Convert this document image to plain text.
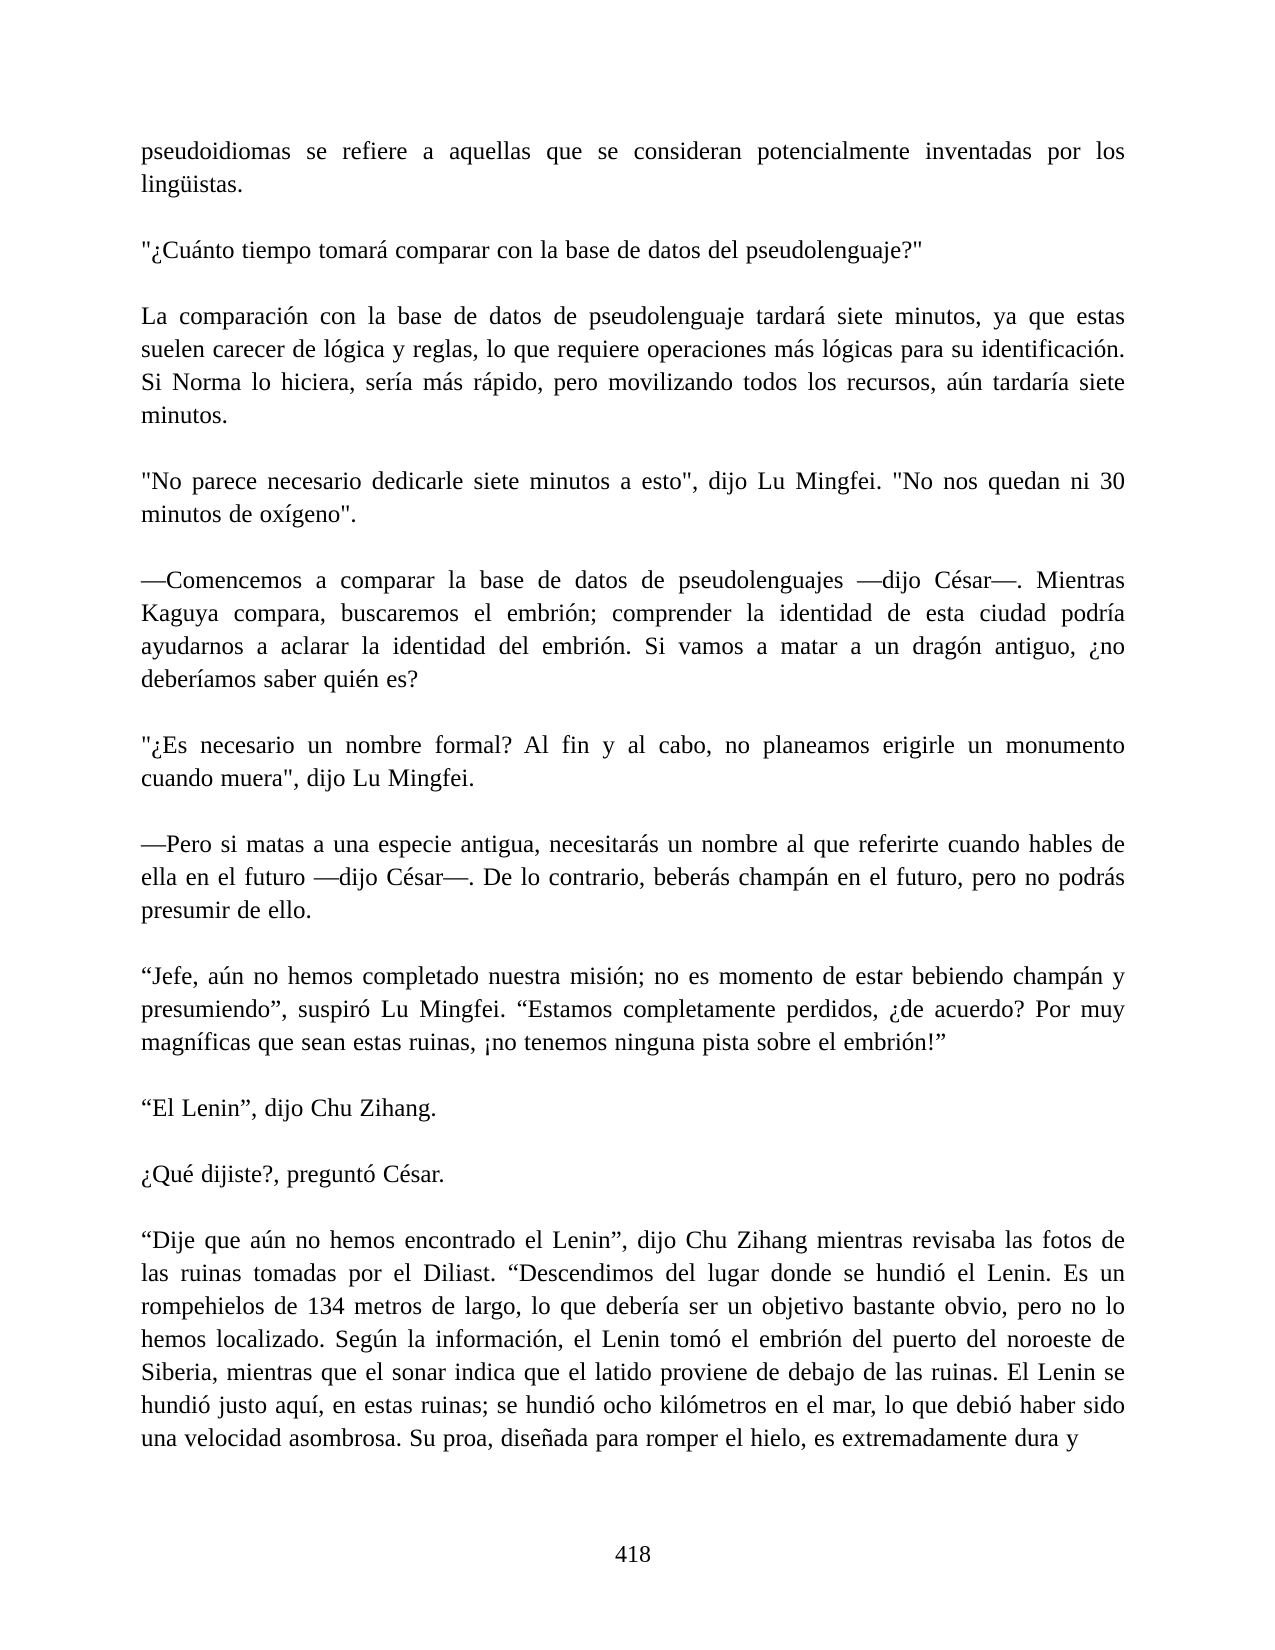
pseudoidiomas se refiere a aquellas que se consideran potencialmente inventadas por los lingüistas.

"¿Cuánto tiempo tomará comparar con la base de datos del pseudolenguaje?"

La comparación con la base de datos de pseudolenguaje tardará siete minutos, ya que estas suelen carecer de lógica y reglas, lo que requiere operaciones más lógicas para su identificación. Si Norma lo hiciera, sería más rápido, pero movilizando todos los recursos, aún tardaría siete minutos.

"No parece necesario dedicarle siete minutos a esto", dijo Lu Mingfei. "No nos quedan ni 30 minutos de oxígeno".

—Comencemos a comparar la base de datos de pseudolenguajes —dijo César—. Mientras Kaguya compara, buscaremos el embrión; comprender la identidad de esta ciudad podría ayudarnos a aclarar la identidad del embrión. Si vamos a matar a un dragón antiguo, ¿no deberíamos saber quién es?

"¿Es necesario un nombre formal? Al fin y al cabo, no planeamos erigirle un monumento cuando muera", dijo Lu Mingfei.

—Pero si matas a una especie antigua, necesitarás un nombre al que referirte cuando hables de ella en el futuro —dijo César—. De lo contrario, beberás champán en el futuro, pero no podrás presumir de ello.

“Jefe, aún no hemos completado nuestra misión; no es momento de estar bebiendo champán y presumiendo”, suspiró Lu Mingfei. “Estamos completamente perdidos, ¿de acuerdo? Por muy magníficas que sean estas ruinas, ¡no tenemos ninguna pista sobre el embrión!”

“El Lenin”, dijo Chu Zihang.

¿Qué dijiste?, preguntó César.

“Dije que aún no hemos encontrado el Lenin”, dijo Chu Zihang mientras revisaba las fotos de las ruinas tomadas por el Diliast. “Descendimos del lugar donde se hundió el Lenin. Es un rompehielos de 134 metros de largo, lo que debería ser un objetivo bastante obvio, pero no lo hemos localizado. Según la información, el Lenin tomó el embrión del puerto del noroeste de Siberia, mientras que el sonar indica que el latido proviene de debajo de las ruinas. El Lenin se hundió justo aquí, en estas ruinas; se hundió ocho kilómetros en el mar, lo que debió haber sido una velocidad asombrosa. Su proa, diseñada para romper el hielo, es extremadamente dura y

418
